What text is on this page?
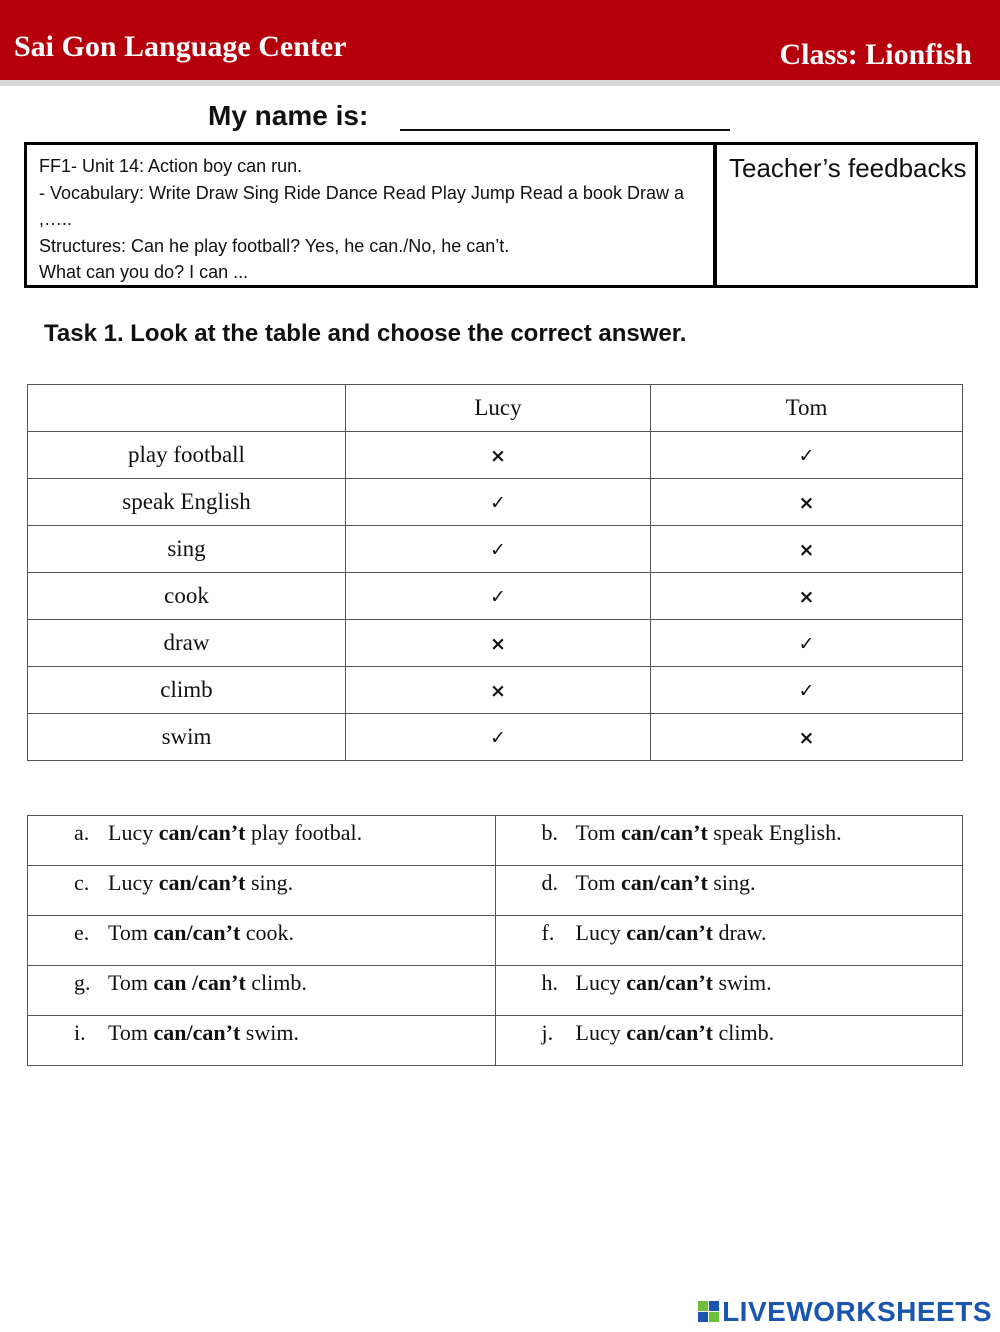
Sai Gon Language Center	Class: Lionfish
My name is:
FF1- Unit 14: Action boy can run.
- Vocabulary: Write Draw Sing Ride Dance Read Play Jump Read a book Draw a ,…..
Structures: Can he play football? Yes, he can./No, he can’t.
What can you do? I can ...
Teacher’s feedbacks
Task 1. Look at the table and choose the correct answer.
	Lucy	Tom
play football	×	✓
speak English	✓	×
sing	✓	×
cook	✓	×
draw	×	✓
climb	×	✓
swim	✓	×
a. Lucy can/can’t play footbal.	b. Tom can/can’t speak English.
c. Lucy can/can’t sing.	d. Tom can/can’t sing.
e. Tom can/can’t cook.	f. Lucy can/can’t draw.
g. Tom can /can’t climb.	h. Lucy can/can’t swim.
i. Tom can/can’t swim.	j. Lucy can/can’t climb.
LIVEWORKSHEETS
